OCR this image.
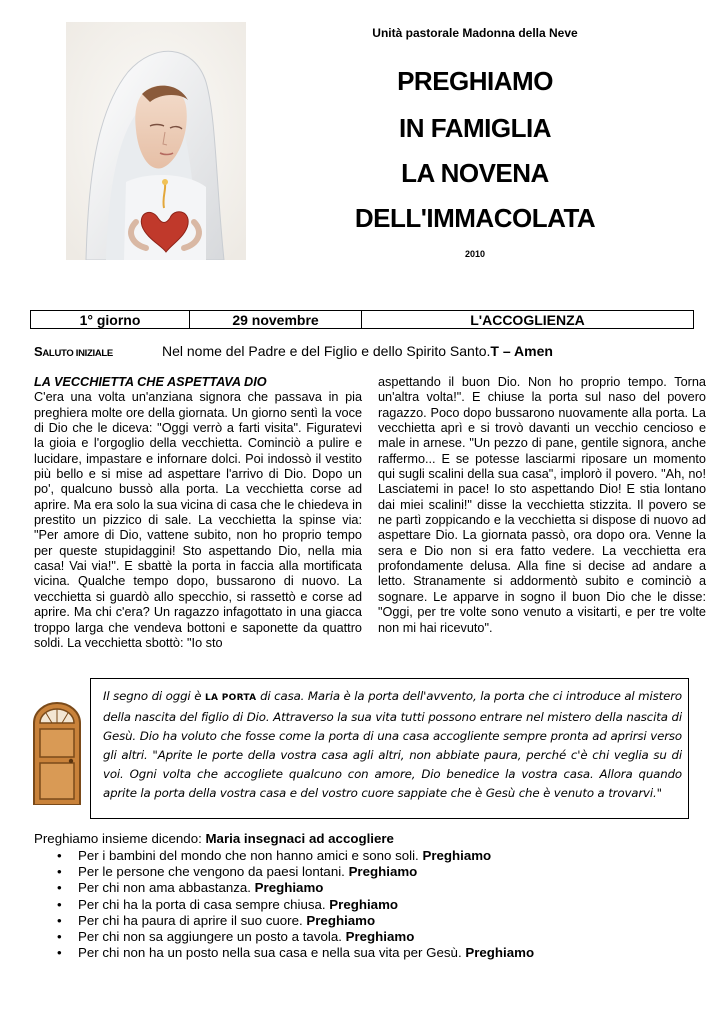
Unità pastorale Madonna della Neve
PREGHIAMO
IN FAMIGLIA
LA NOVENA
DELL'IMMACOLATA
2010
1° giorno	29 novembre	L'ACCOGLIENZA
SALUTO INIZIALE	Nel nome del Padre e del Figlio e dello Spirito Santo.T – Amen
LA VECCHIETTA CHE ASPETTAVA DIO

C'era una volta un'anziana signora che passava in pia preghiera molte ore della giornata. Un giorno sentì la voce di Dio che le diceva: "Oggi verrò a farti visita". Figuratevi la gioia e l'orgoglio della vecchietta. Cominciò a pulire e lucidare, impastare e infornare dolci. Poi indossò il vestito più bello e si mise ad aspettare l'arrivo di Dio. Dopo un po', qualcuno bussò alla porta. La vecchietta corse ad aprire. Ma era solo la sua vicina di casa che le chiedeva in prestito un pizzico di sale. La vecchietta la spinse via: "Per amore di Dio, vattene subito, non ho proprio tempo per queste stupidaggini! Sto aspettando Dio, nella mia casa! Vai via!". E sbattè la porta in faccia alla mortificata vicina. Qualche tempo dopo, bussarono di nuovo. La vecchietta si guardò allo specchio, si rassettò e corse ad aprire. Ma chi c'era? Un ragazzo infagottato in una giacca troppo larga che vendeva bottoni e saponette da quattro soldi. La vecchietta sbottò: "Io sto

aspettando il buon Dio. Non ho proprio tempo. Torna un'altra volta!". E chiuse la porta sul naso del povero ragazzo. Poco dopo bussarono nuovamente alla porta. La vecchietta aprì e si trovò davanti un vecchio cencioso e male in arnese. "Un pezzo di pane, gentile signora, anche raffermo... E se potesse lasciarmi riposare un momento qui sugli scalini della sua casa", implorò il povero. "Ah, no! Lasciatemi in pace! Io sto aspettando Dio! E stia lontano dai miei scalini!" disse la vecchietta stizzita. Il povero se ne partì zoppicando e la vecchietta si dispose di nuovo ad aspettare Dio. La giornata passò, ora dopo ora. Venne la sera e Dio non si era fatto vedere. La vecchietta era profondamente delusa. Alla fine si decise ad andare a letto. Stranamente si addormentò subito e cominciò a sognare. Le apparve in sogno il buon Dio che le disse: "Oggi, per tre volte sono venuto a visitarti, e per tre volte non mi hai ricevuto".

Il segno di oggi è LA PORTA di casa. Maria è la porta dell'avvento, la porta che ci introduce al mistero della nascita del figlio di Dio. Attraverso la sua vita tutti possono entrare nel mistero della nascita di Gesù. Dio ha voluto che fosse come la porta di una casa accogliente sempre pronta ad aprirsi verso gli altri. "Aprite le porte della vostra casa agli altri, non abbiate paura, perché c'è chi veglia su di voi. Ogni volta che accogliete qualcuno con amore, Dio benedice la vostra casa. Allora quando aprite la porta della vostra casa e del vostro cuore sappiate che è Gesù che è venuto a trovarvi."
Preghiamo insieme dicendo: Maria insegnaci ad accogliere
• Per i bambini del mondo che non hanno amici e sono soli. Preghiamo
• Per le persone che vengono da paesi lontani. Preghiamo
• Per chi non ama abbastanza. Preghiamo
• Per chi ha la porta di casa sempre chiusa. Preghiamo
• Per chi ha paura di aprire il suo cuore. Preghiamo
• Per chi non sa aggiungere un posto a tavola. Preghiamo
• Per chi non ha un posto nella sua casa e nella sua vita per Gesù. Preghiamo
